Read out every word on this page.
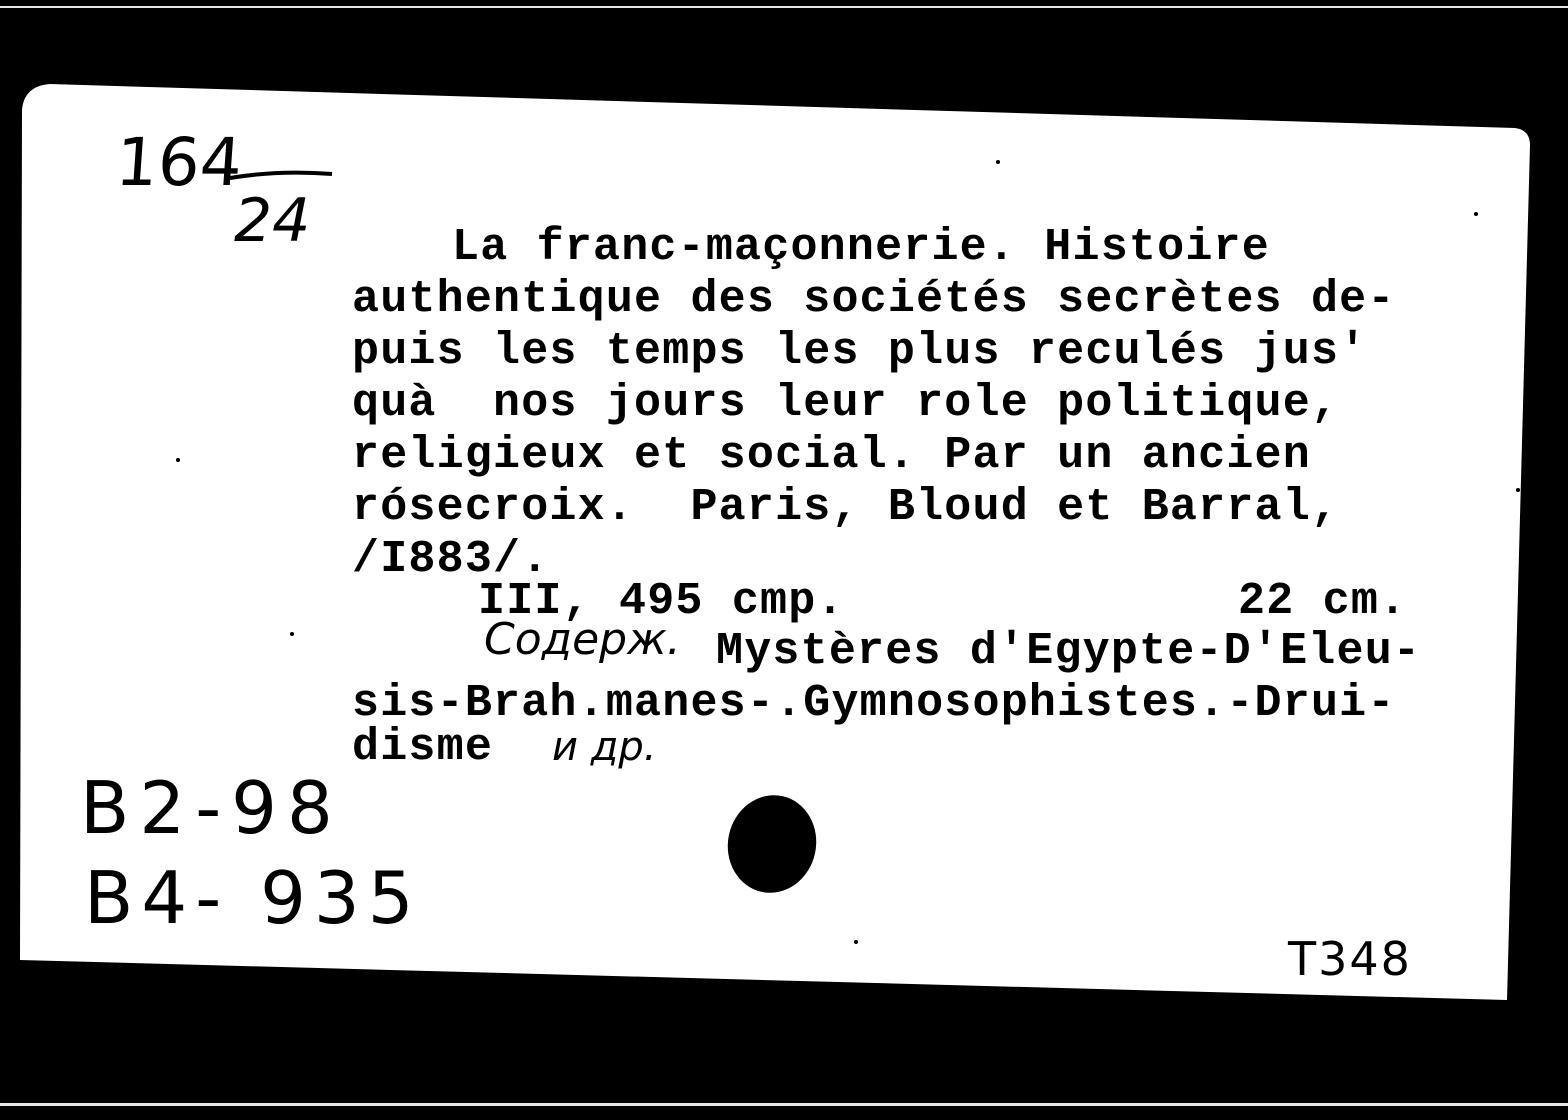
164
24	La franc-maçonnerie. Histoire
authentique des sociétés secrètes de-
puis les temps les plus reculés jus'
quà  nos jours leur role politique,
religieux et social. Par un ancien
rósecroix.  Paris, Bloud et Barral,
/I883/.
III, 495 cmp.	22 cm.
Содерж. Mystères d'Egypte-D'Eleu-
sis-Brah.manes-.Gymnosophistes.-Drui-
disme и др.
B2-98
B4- 935
T348
